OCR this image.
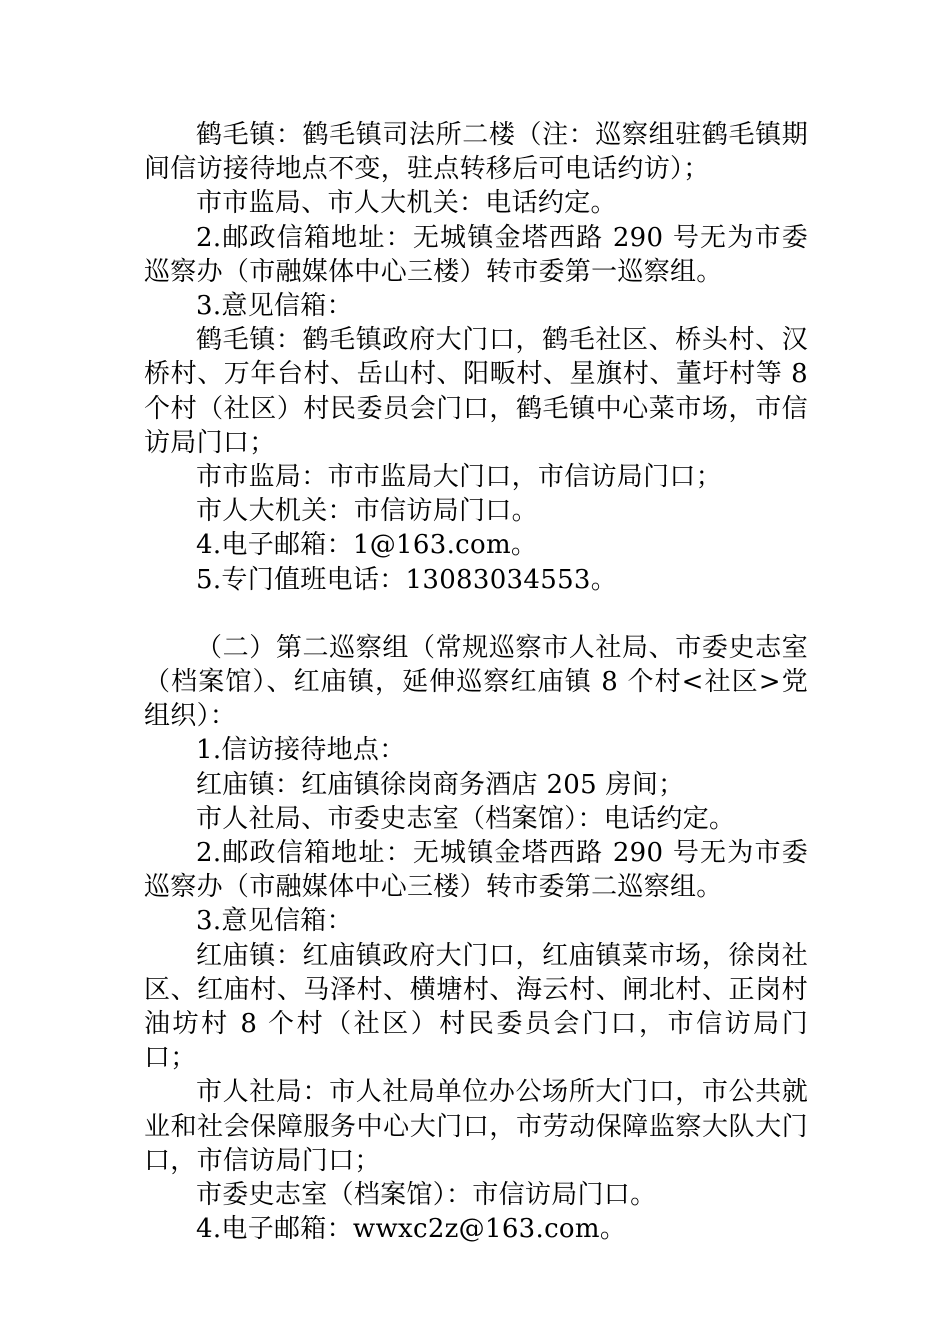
鹤毛镇：鹤毛镇司法所二楼（注：巡察组驻鹤毛镇期间信访接待地点不变，驻点转移后可电话约访）；

市市监局、市人大机关：电话约定。

2.邮政信箱地址：无城镇金塔西路 290 号无为市委巡察办（市融媒体中心三楼）转市委第一巡察组。

3.意见信箱：

鹤毛镇：鹤毛镇政府大门口，鹤毛社区、桥头村、汉桥村、万年台村、岳山村、阳畈村、星旗村、董圩村等 8 个村（社区）村民委员会门口，鹤毛镇中心菜市场，市信访局门口；

市市监局：市市监局大门口，市信访局门口；

市人大机关：市信访局门口。

4.电子邮箱：1@163.com。

5.专门值班电话：13083034553。

（二）第二巡察组（常规巡察市人社局、市委史志室（档案馆）、红庙镇，延伸巡察红庙镇 8 个村<社区>党组织）：

1.信访接待地点：

红庙镇：红庙镇徐岗商务酒店 205 房间；

市人社局、市委史志室（档案馆）：电话约定。

2.邮政信箱地址：无城镇金塔西路 290 号无为市委巡察办（市融媒体中心三楼）转市委第二巡察组。

3.意见信箱：

红庙镇：红庙镇政府大门口，红庙镇菜市场，徐岗社区、红庙村、马泽村、横塘村、海云村、闸北村、正岗村油坊村 8 个村（社区）村民委员会门口，市信访局门口；

市人社局：市人社局单位办公场所大门口，市公共就业和社会保障服务中心大门口，市劳动保障监察大队大门口，市信访局门口；

市委史志室（档案馆）：市信访局门口。

4.电子邮箱：wwxc2z@163.com。
